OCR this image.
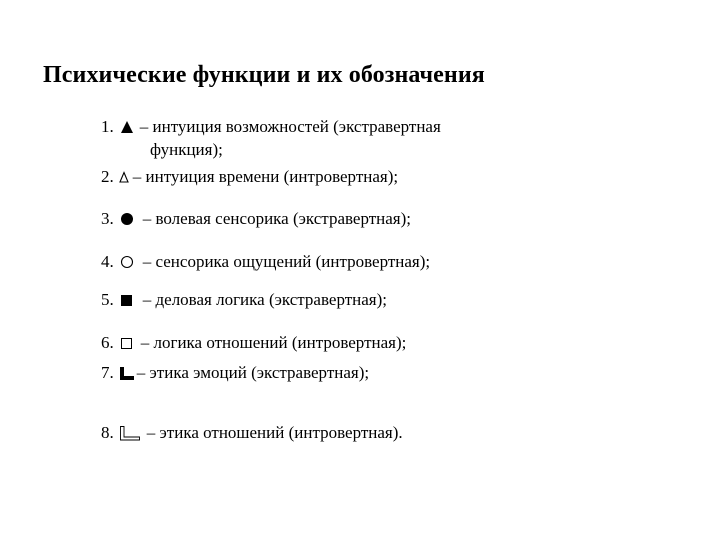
Психические функции и их обозначения
1. – интуиция возможностей (экстравертная
функция);
2. – интуиция времени (интровертная);
3. – волевая сенсорика (экстравертная);
4. – сенсорика ощущений (интровертная);
5. – деловая логика (экстравертная);
6. – логика отношений (интровертная);
7. – этика эмоций (экстравертная);
8. – этика отношений (интровертная).
